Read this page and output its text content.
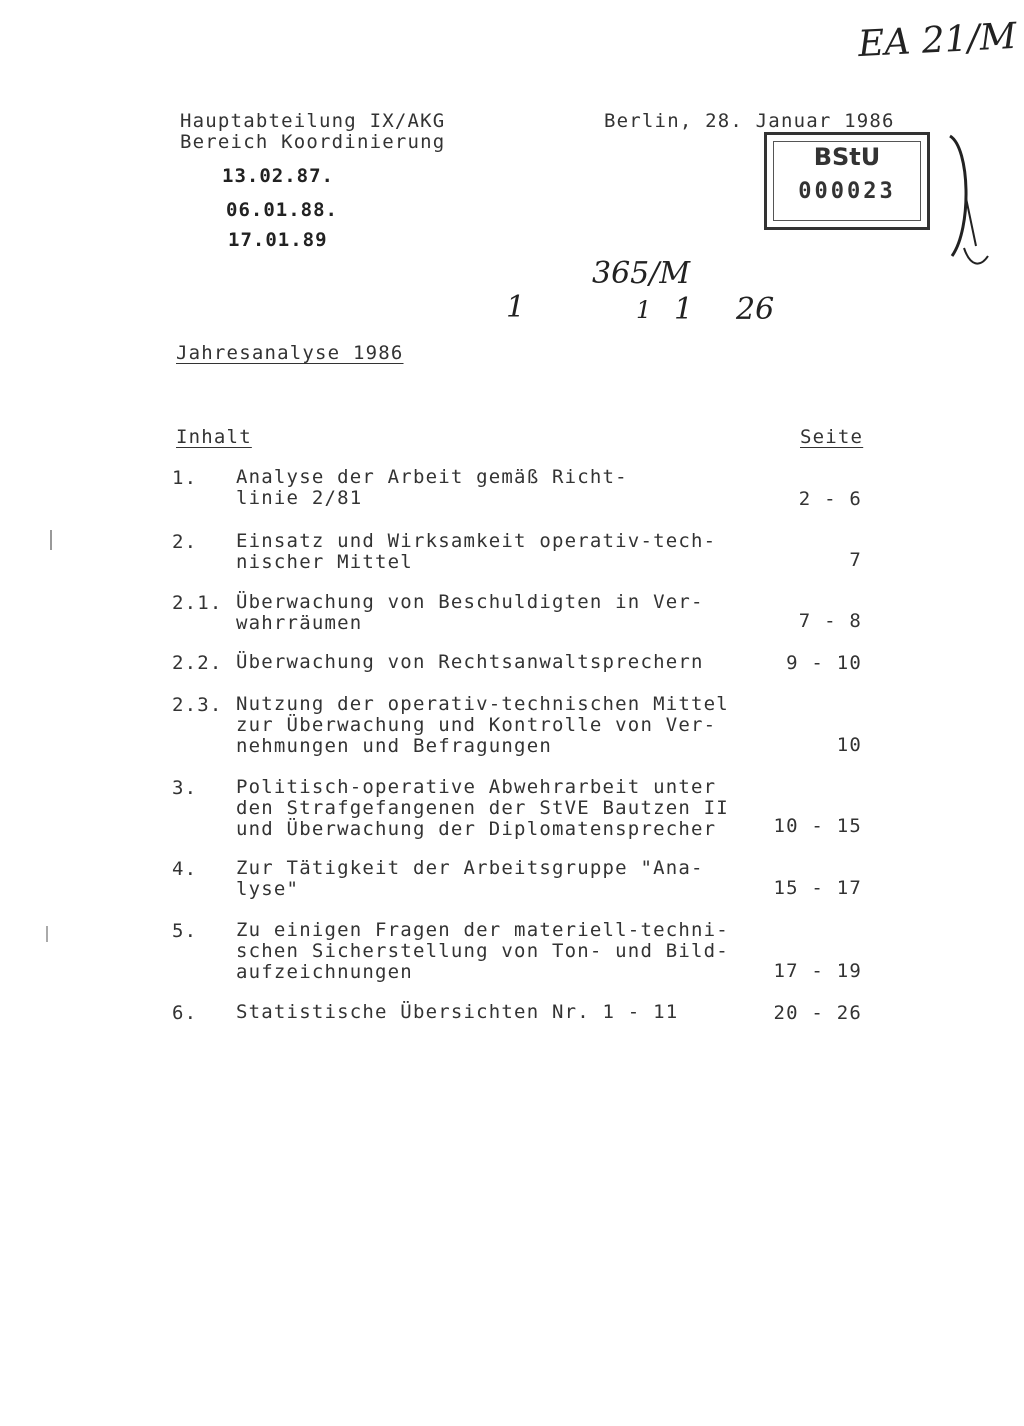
EA 21/M
Hauptabteilung IX/AKG
Bereich Koordinierung
Berlin, 28. Januar 1986
13.02.87.
06.01.88.
17.01.89
BStU
000023
365/M
1	1 1 26
Jahresanalyse 1986
Inhalt	Seite
1. Analyse der Arbeit gemäß Richt-
linie 2/81	2 - 6
2. Einsatz und Wirksamkeit operativ-tech-
nischer Mittel	7
2.1. Überwachung von Beschuldigten in Ver-
wahrräumen	7 - 8
2.2. Überwachung von Rechtsanwaltsprechern	9 - 10
2.3. Nutzung der operativ-technischen Mittel
zur Überwachung und Kontrolle von Ver-
nehmungen und Befragungen	10
3. Politisch-operative Abwehrarbeit unter
den Strafgefangenen der StVE Bautzen II
und Überwachung der Diplomatensprecher	10 - 15
4. Zur Tätigkeit der Arbeitsgruppe "Ana-
lyse"	15 - 17
5. Zu einigen Fragen der materiell-techni-
schen Sicherstellung von Ton- und Bild-
aufzeichnungen	17 - 19
6. Statistische Übersichten Nr. 1 - 11	20 - 26
